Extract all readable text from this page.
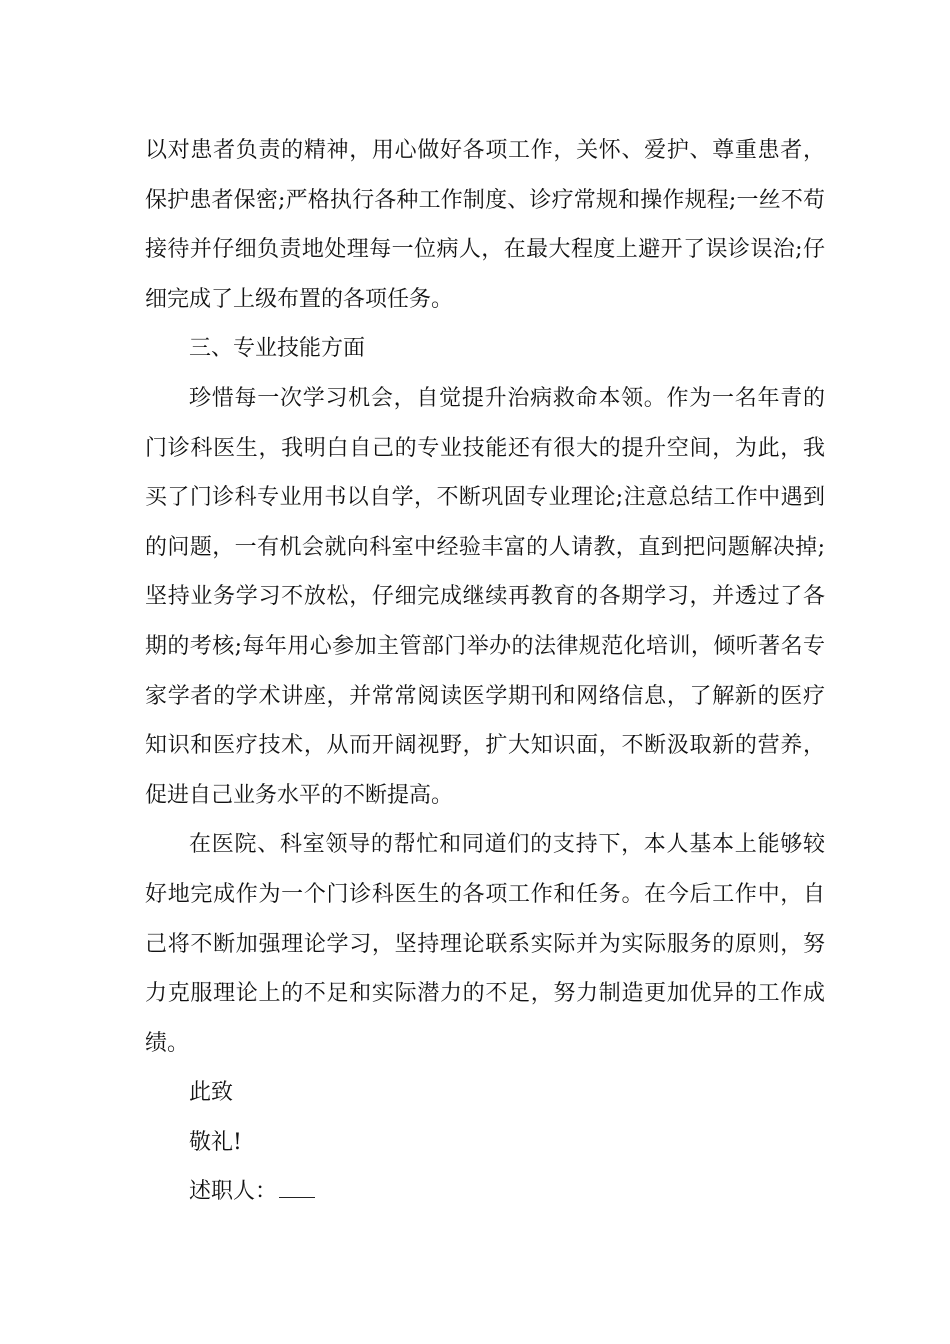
以对患者负责的精神，用心做好各项工作，关怀、爱护、尊重患者，保护患者保密;严格执行各种工作制度、诊疗常规和操作规程;一丝不苟接待并仔细负责地处理每一位病人，在最大程度上避开了误诊误治;仔细完成了上级布置的各项任务。

三、专业技能方面

珍惜每一次学习机会，自觉提升治病救命本领。作为一名年青的门诊科医生，我明白自己的专业技能还有很大的提升空间，为此，我买了门诊科专业用书以自学，不断巩固专业理论;注意总结工作中遇到的问题，一有机会就向科室中经验丰富的人请教，直到把问题解决掉;坚持业务学习不放松，仔细完成继续再教育的各期学习，并透过了各期的考核;每年用心参加主管部门举办的法律规范化培训，倾听著名专家学者的学术讲座，并常常阅读医学期刊和网络信息，了解新的医疗知识和医疗技术，从而开阔视野，扩大知识面，不断汲取新的营养，促进自己业务水平的不断提高。

在医院、科室领导的帮忙和同道们的支持下，本人基本上能够较好地完成作为一个门诊科医生的各项工作和任务。在今后工作中，自己将不断加强理论学习，坚持理论联系实际并为实际服务的原则，努力克服理论上的不足和实际潜力的不足，努力制造更加优异的工作成绩。

此致

敬礼!

述职人：
